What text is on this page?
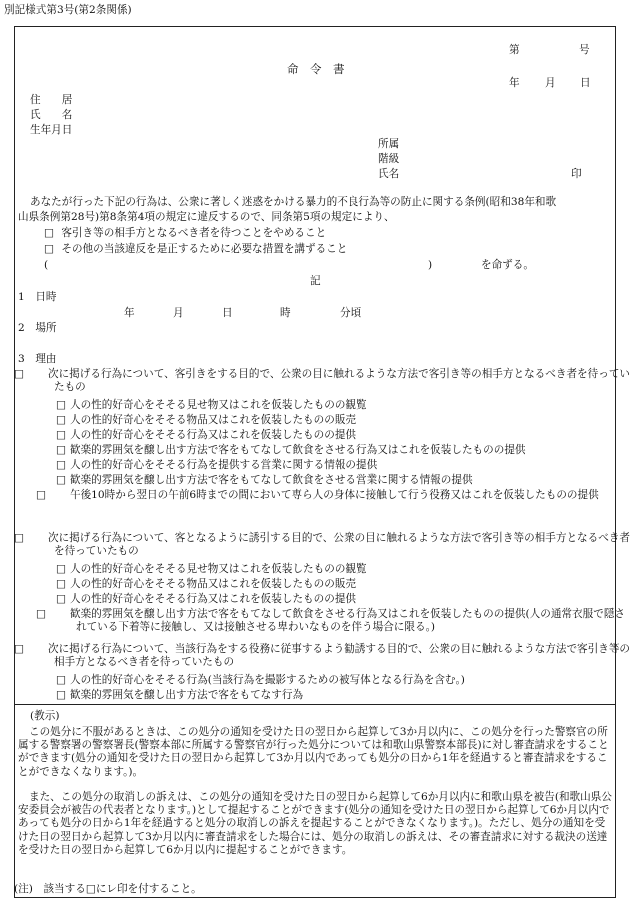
別記様式第3号(第2条関係)
第	号
命　令　書
年 月 日
住　　居
氏　　名
生年月日
所属
階級
氏名	印
あなたが行った下記の行為は、公衆に著しく迷惑をかける暴力的不良行為等の防止に関する条例(昭和38年和歌
山県条例第28号)第8条第4項の規定に違反するので、同条第5項の規定により、
□ 客引き等の相手方となるべき者を待つことをやめること
□ その他の当該違反を是正するために必要な措置を講ずること
(	)	を命ずる。
記
1　日時
年	月	日	時	分頃
2　場所
3　理由
□ 次に掲げる行為について、客引きをする目的で、公衆の目に触れるような方法で客引き等の相手方となるべき者を待っていたもの
□ 人の性的好奇心をそそる見せ物又はこれを仮装したものの観覧
□ 人の性的好奇心をそそる物品又はこれを仮装したものの販売
□ 人の性的好奇心をそそる行為又はこれを仮装したものの提供
□ 歓楽的雰囲気を醸し出す方法で客をもてなして飲食をさせる行為又はこれを仮装したものの提供
□ 人の性的好奇心をそそる行為を提供する営業に関する情報の提供
□ 歓楽的雰囲気を醸し出す方法で客をもてなして飲食をさせる営業に関する情報の提供
□ 午後10時から翌日の午前6時までの間において専ら人の身体に接触して行う役務又はこれを仮装したものの提供
□ 次に掲げる行為について、客となるように誘引する目的で、公衆の目に触れるような方法で客引き等の相手方となるべき者を待っていたもの
□ 人の性的好奇心をそそる見せ物又はこれを仮装したものの観覧
□ 人の性的好奇心をそそる物品又はこれを仮装したものの販売
□ 人の性的好奇心をそそる行為又はこれを仮装したものの提供
□ 歓楽的雰囲気を醸し出す方法で客をもてなして飲食をさせる行為又はこれを仮装したものの提供(人の通常衣服で隠されている下着等に接触し、又は接触させる卑わいなものを伴う場合に限る。)
□ 次に掲げる行為について、当該行為をする役務に従事するよう勧誘する目的で、公衆の目に触れるような方法で客引き等の相手方となるべき者を待っていたもの
□ 人の性的好奇心をそそる行為(当該行為を撮影するための被写体となる行為を含む。)
□ 歓楽的雰囲気を醸し出す方法で客をもてなす行為
(教示)
この処分に不服があるときは、この処分の通知を受けた日の翌日から起算して3か月以内に、この処分を行った警察官の所属する警察署の警察署長(警察本部に所属する警察官が行った処分については和歌山県警察本部長)に対し審査請求をすることができます(処分の通知を受けた日の翌日から起算して3か月以内であっても処分の日から1年を経過すると審査請求をすることができなくなります。)。
また、この処分の取消しの訴えは、この処分の通知を受けた日の翌日から起算して6か月以内に和歌山県を被告(和歌山県公安委員会が被告の代表者となります。)として提起することができます(処分の通知を受けた日の翌日から起算して6か月以内であっても処分の日から1年を経過すると処分の取消しの訴えを提起することができなくなります。)。ただし、処分の通知を受けた日の翌日から起算して3か月以内に審査請求をした場合には、処分の取消しの訴えは、その審査請求に対する裁決の送達を受けた日の翌日から起算して6か月以内に提起することができます。
(注)　該当する□にレ印を付すること。
